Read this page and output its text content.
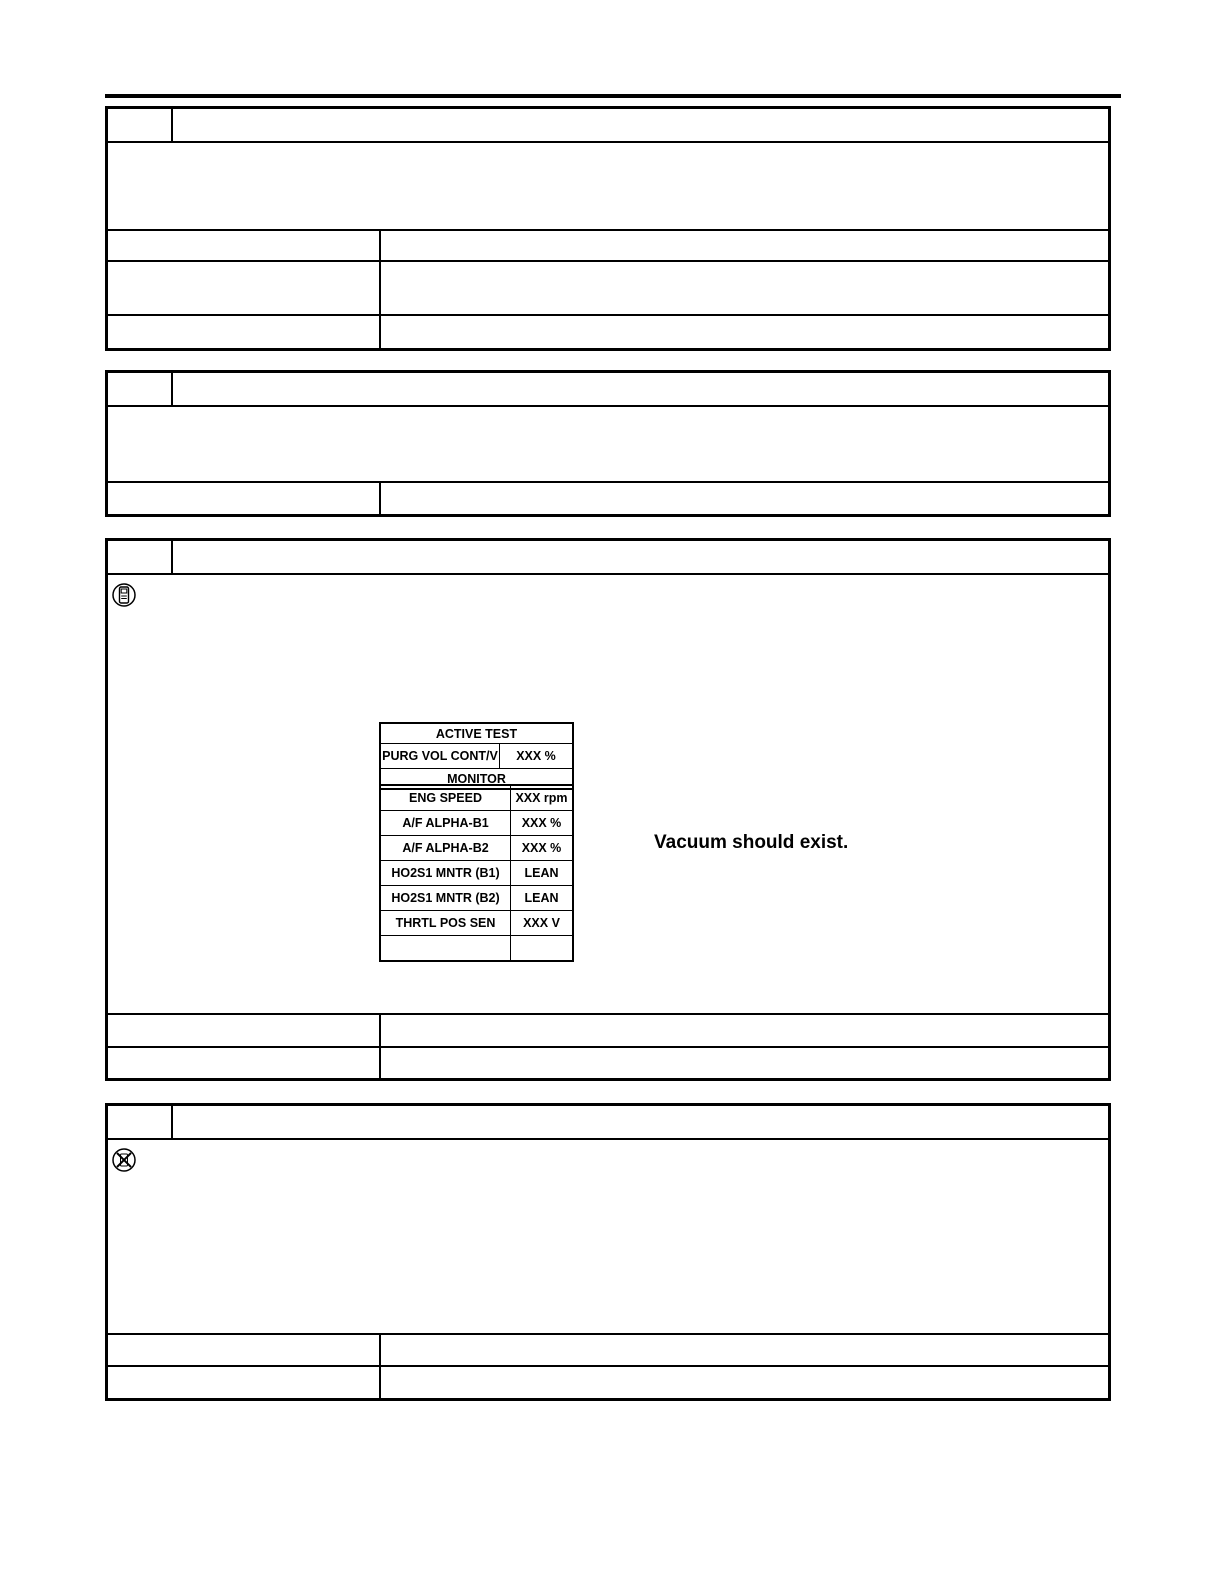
ACTIVE TEST
PURG VOL CONT/V	XXX %
MONITOR
ENG SPEED	XXX rpm
A/F ALPHA-B1	XXX %
A/F ALPHA-B2	XXX %
HO2S1 MNTR (B1)	LEAN
HO2S1 MNTR (B2)	LEAN
THRTL POS SEN	XXX V

Vacuum should exist.
